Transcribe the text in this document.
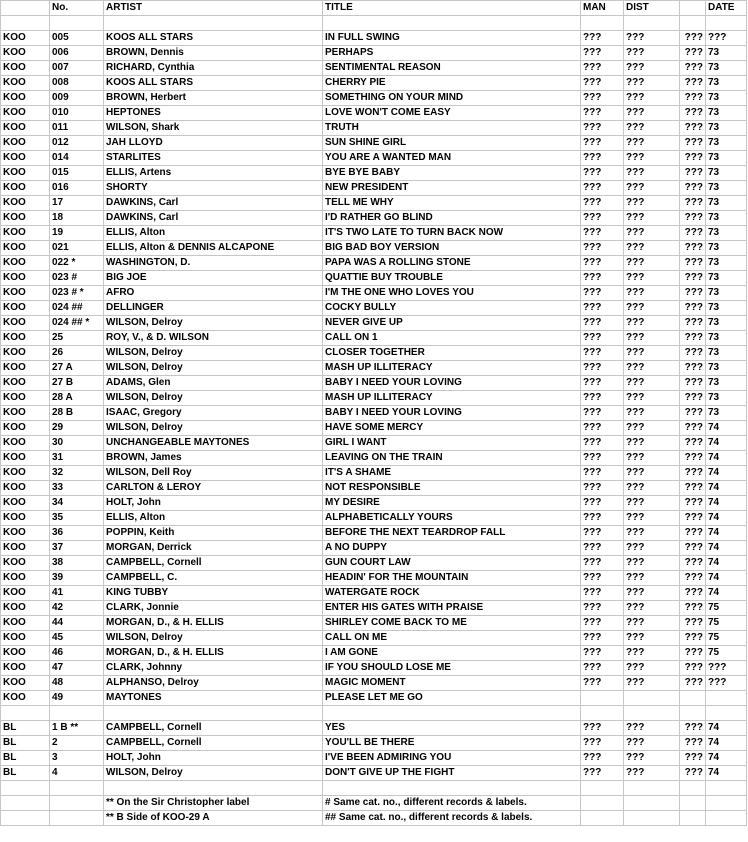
	No.	ARTIST	TITLE	MAN	DIST		DATE

KOO	005	KOOS ALL STARS	IN FULL SWING	???	???	???	???
KOO	006	BROWN, Dennis	PERHAPS	???	???	???	73
KOO	007	RICHARD, Cynthia	SENTIMENTAL REASON	???	???	???	73
KOO	008	KOOS ALL STARS	CHERRY PIE	???	???	???	73
KOO	009	BROWN, Herbert	SOMETHING ON YOUR MIND	???	???	???	73
KOO	010	HEPTONES	LOVE WON'T COME EASY	???	???	???	73
KOO	011	WILSON, Shark	TRUTH	???	???	???	73
KOO	012	JAH LLOYD	SUN SHINE GIRL	???	???	???	73
KOO	014	STARLITES	YOU ARE A WANTED MAN	???	???	???	73
KOO	015	ELLIS, Artens	BYE BYE BABY	???	???	???	73
KOO	016	SHORTY	NEW PRESIDENT	???	???	???	73
KOO	17	DAWKINS, Carl	TELL ME WHY	???	???	???	73
KOO	18	DAWKINS, Carl	I'D RATHER GO BLIND	???	???	???	73
KOO	19	ELLIS, Alton	IT'S TWO LATE TO TURN BACK NOW	???	???	???	73
KOO	021	ELLIS, Alton & DENNIS ALCAPONE	BIG BAD BOY VERSION	???	???	???	73
KOO	022 *	WASHINGTON, D.	PAPA WAS A ROLLING STONE	???	???	???	73
KOO	023 #	BIG JOE	QUATTIE BUY TROUBLE	???	???	???	73
KOO	023 # *	AFRO	I'M THE ONE WHO LOVES YOU	???	???	???	73
KOO	024 ##	DELLINGER	COCKY BULLY	???	???	???	73
KOO	024 ## *	WILSON, Delroy	NEVER GIVE UP	???	???	???	73
KOO	25	ROY, V., & D. WILSON	CALL ON 1	???	???	???	73
KOO	26	WILSON, Delroy	CLOSER TOGETHER	???	???	???	73
KOO	27 A	WILSON, Delroy	MASH UP ILLITERACY	???	???	???	73
KOO	27 B	ADAMS, Glen	BABY I NEED YOUR LOVING	???	???	???	73
KOO	28 A	WILSON, Delroy	MASH UP ILLITERACY	???	???	???	73
KOO	28 B	ISAAC, Gregory	BABY I NEED YOUR LOVING	???	???	???	73
KOO	29	WILSON, Delroy	HAVE SOME MERCY	???	???	???	74
KOO	30	UNCHANGEABLE MAYTONES	GIRL I WANT	???	???	???	74
KOO	31	BROWN, James	LEAVING ON THE TRAIN	???	???	???	74
KOO	32	WILSON, Dell Roy	IT'S A SHAME	???	???	???	74
KOO	33	CARLTON & LEROY	NOT RESPONSIBLE	???	???	???	74
KOO	34	HOLT, John	MY DESIRE	???	???	???	74
KOO	35	ELLIS, Alton	ALPHABETICALLY YOURS	???	???	???	74
KOO	36	POPPIN, Keith	BEFORE THE NEXT TEARDROP FALL	???	???	???	74
KOO	37	MORGAN, Derrick	A NO DUPPY	???	???	???	74
KOO	38	CAMPBELL, Cornell	GUN COURT LAW	???	???	???	74
KOO	39	CAMPBELL, C.	HEADIN' FOR THE MOUNTAIN	???	???	???	74
KOO	41	KING TUBBY	WATERGATE ROCK	???	???	???	74
KOO	42	CLARK, Jonnie	ENTER HIS GATES WITH PRAISE	???	???	???	75
KOO	44	MORGAN, D., & H. ELLIS	SHIRLEY COME BACK TO ME	???	???	???	75
KOO	45	WILSON, Delroy	CALL ON ME	???	???	???	75
KOO	46	MORGAN, D., & H. ELLIS	I AM GONE	???	???	???	75
KOO	47	CLARK, Johnny	IF YOU SHOULD LOSE ME	???	???	???	???
KOO	48	ALPHANSO, Delroy	MAGIC MOMENT	???	???	???	???
KOO	49	MAYTONES	PLEASE LET ME GO				

BL	1 B **	CAMPBELL, Cornell	YES	???	???	???	74
BL	2	CAMPBELL, Cornell	YOU'LL BE THERE	???	???	???	74
BL	3	HOLT, John	I'VE BEEN ADMIRING YOU	???	???	???	74
BL	4	WILSON, Delroy	DON'T GIVE UP THE FIGHT	???	???	???	74

		** On the Sir Christopher label	# Same cat. no., different records & labels.				
		** B Side of KOO-29 A	## Same cat. no., different records & labels.				
